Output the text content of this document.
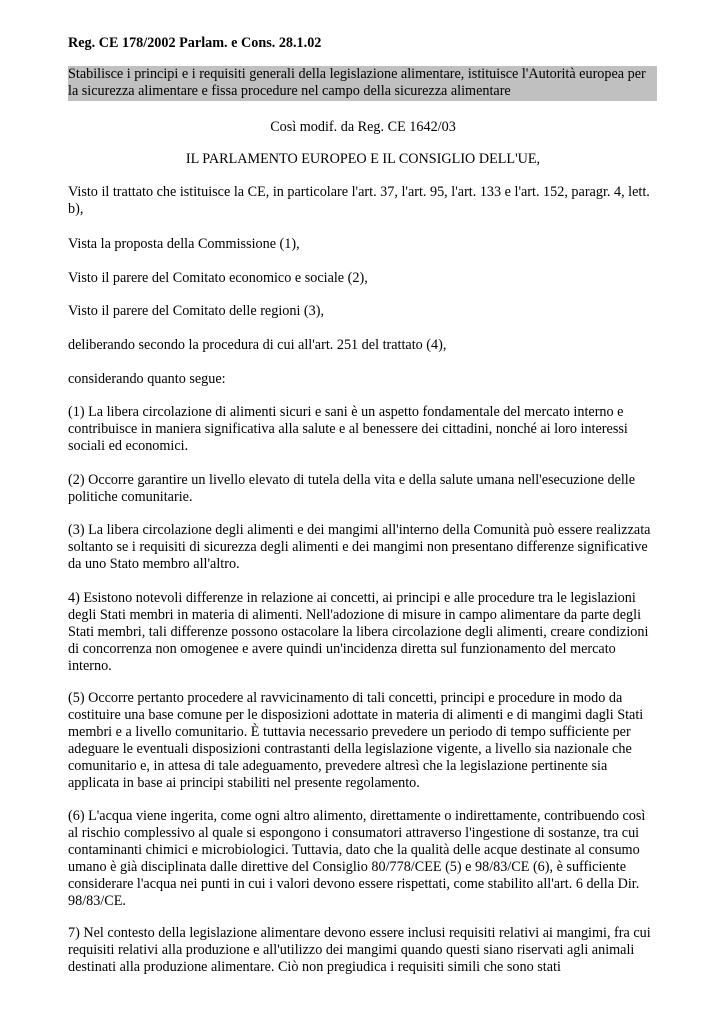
Reg. CE 178/2002 Parlam. e Cons. 28.1.02
Stabilisce i principi e i requisiti generali della legislazione alimentare, istituisce l'Autorità europea per la sicurezza alimentare e fissa procedure nel campo della sicurezza alimentare
Così modif. da Reg. CE 1642/03
IL PARLAMENTO EUROPEO E IL CONSIGLIO DELL'UE,
Visto il trattato che istituisce la CE, in particolare l'art. 37, l'art. 95, l'art. 133 e l'art. 152, paragr. 4, lett. b),
Vista la proposta della Commissione (1),
Visto il parere del Comitato economico e sociale (2),
Visto il parere del Comitato delle regioni (3),
deliberando secondo la procedura di cui all'art. 251 del trattato (4),
considerando quanto segue:
(1) La libera circolazione di alimenti sicuri e sani è un aspetto fondamentale del mercato interno e contribuisce in maniera significativa alla salute e al benessere dei cittadini, nonché ai loro interessi sociali ed economici.
(2) Occorre garantire un livello elevato di tutela della vita e della salute umana nell'esecuzione delle politiche comunitarie.
(3) La libera circolazione degli alimenti e dei mangimi all'interno della Comunità può essere realizzata soltanto se i requisiti di sicurezza degli alimenti e dei mangimi non presentano differenze significative da uno Stato membro all'altro.
4) Esistono notevoli differenze in relazione ai concetti, ai principi e alle procedure tra le legislazioni degli Stati membri in materia di alimenti. Nell'adozione di misure in campo alimentare da parte degli Stati membri, tali differenze possono ostacolare la libera circolazione degli alimenti, creare condizioni di concorrenza non omogenee e avere quindi un'incidenza diretta sul funzionamento del mercato interno.
(5) Occorre pertanto procedere al ravvicinamento di tali concetti, principi e procedure in modo da costituire una base comune per le disposizioni adottate in materia di alimenti e di mangimi dagli Stati membri e a livello comunitario. È tuttavia necessario prevedere un periodo di tempo sufficiente per adeguare le eventuali disposizioni contrastanti della legislazione vigente, a livello sia nazionale che comunitario e, in attesa di tale adeguamento, prevedere altresì che la legislazione pertinente sia applicata in base ai principi stabiliti nel presente regolamento.
(6) L'acqua viene ingerita, come ogni altro alimento, direttamente o indirettamente, contribuendo così al rischio complessivo al quale si espongono i consumatori attraverso l'ingestione di sostanze, tra cui contaminanti chimici e microbiologici. Tuttavia, dato che la qualità delle acque destinate al consumo umano è già disciplinata dalle direttive del Consiglio 80/778/CEE (5) e 98/83/CE (6), è sufficiente considerare l'acqua nei punti in cui i valori devono essere rispettati, come stabilito all'art. 6 della Dir. 98/83/CE.
7) Nel contesto della legislazione alimentare devono essere inclusi requisiti relativi ai mangimi, fra cui requisiti relativi alla produzione e all'utilizzo dei mangimi quando questi siano riservati agli animali destinati alla produzione alimentare. Ciò non pregiudica i requisiti simili che sono stati
